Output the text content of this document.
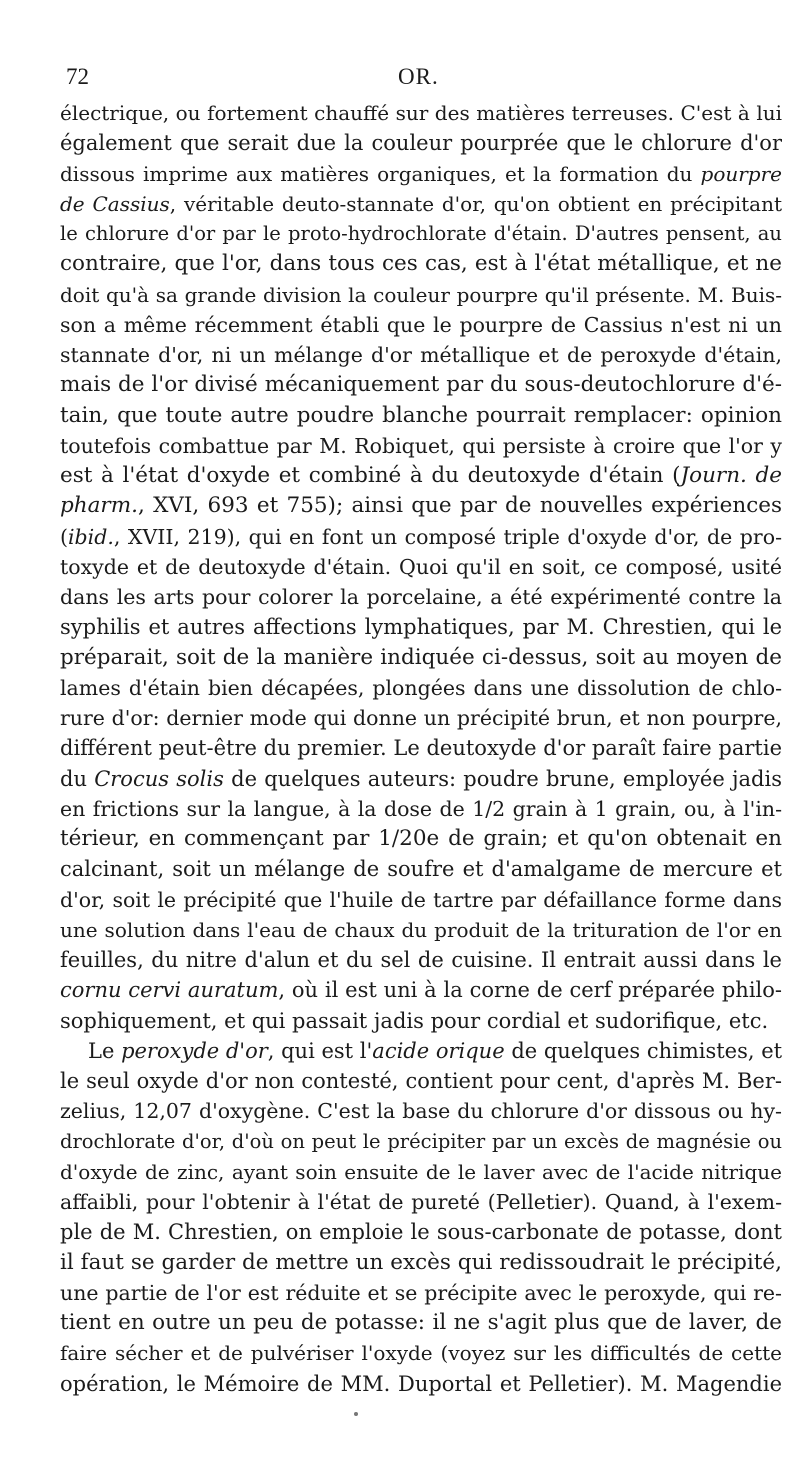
72	OR.
électrique, ou fortement chauffé sur des matières terreuses. C'est à lui
également que serait due la couleur pourprée que le chlorure d'or
dissous imprime aux matières organiques, et la formation du pourpre
de Cassius, véritable deuto-stannate d'or, qu'on obtient en précipitant
le chlorure d'or par le proto-hydrochlorate d'étain. D'autres pensent, au
contraire, que l'or, dans tous ces cas, est à l'état métallique, et ne
doit qu'à sa grande division la couleur pourpre qu'il présente. M. Buis-
son a même récemment établi que le pourpre de Cassius n'est ni un
stannate d'or, ni un mélange d'or métallique et de peroxyde d'étain,
mais de l'or divisé mécaniquement par du sous-deutochlorure d'é-
tain, que toute autre poudre blanche pourrait remplacer: opinion
toutefois combattue par M. Robiquet, qui persiste à croire que l'or y
est à l'état d'oxyde et combiné à du deutoxyde d'étain (Journ. de
pharm., XVI, 693 et 755); ainsi que par de nouvelles expériences
(ibid., XVII, 219), qui en font un composé triple d'oxyde d'or, de pro-
toxyde et de deutoxyde d'étain. Quoi qu'il en soit, ce composé, usité
dans les arts pour colorer la porcelaine, a été expérimenté contre la
syphilis et autres affections lymphatiques, par M. Chrestien, qui le
préparait, soit de la manière indiquée ci-dessus, soit au moyen de
lames d'étain bien décapées, plongées dans une dissolution de chlo-
rure d'or: dernier mode qui donne un précipité brun, et non pourpre,
différent peut-être du premier. Le deutoxyde d'or paraît faire partie
du Crocus solis de quelques auteurs: poudre brune, employée jadis
en frictions sur la langue, à la dose de 1/2 grain à 1 grain, ou, à l'in-
térieur, en commençant par 1/20e de grain; et qu'on obtenait en
calcinant, soit un mélange de soufre et d'amalgame de mercure et
d'or, soit le précipité que l'huile de tartre par défaillance forme dans
une solution dans l'eau de chaux du produit de la trituration de l'or en
feuilles, du nitre d'alun et du sel de cuisine. Il entrait aussi dans le
cornu cervi auratum, où il est uni à la corne de cerf préparée philo-
sophiquement, et qui passait jadis pour cordial et sudorifique, etc.
Le peroxyde d'or, qui est l'acide orique de quelques chimistes, et
le seul oxyde d'or non contesté, contient pour cent, d'après M. Ber-
zelius, 12,07 d'oxygène. C'est la base du chlorure d'or dissous ou hy-
drochlorate d'or, d'où on peut le précipiter par un excès de magnésie ou
d'oxyde de zinc, ayant soin ensuite de le laver avec de l'acide nitrique
affaibli, pour l'obtenir à l'état de pureté (Pelletier). Quand, à l'exem-
ple de M. Chrestien, on emploie le sous-carbonate de potasse, dont
il faut se garder de mettre un excès qui redissoudrait le précipité,
une partie de l'or est réduite et se précipite avec le peroxyde, qui re-
tient en outre un peu de potasse: il ne s'agit plus que de laver, de
faire sécher et de pulvériser l'oxyde (voyez sur les difficultés de cette
opération, le Mémoire de MM. Duportal et Pelletier). M. Magendie
